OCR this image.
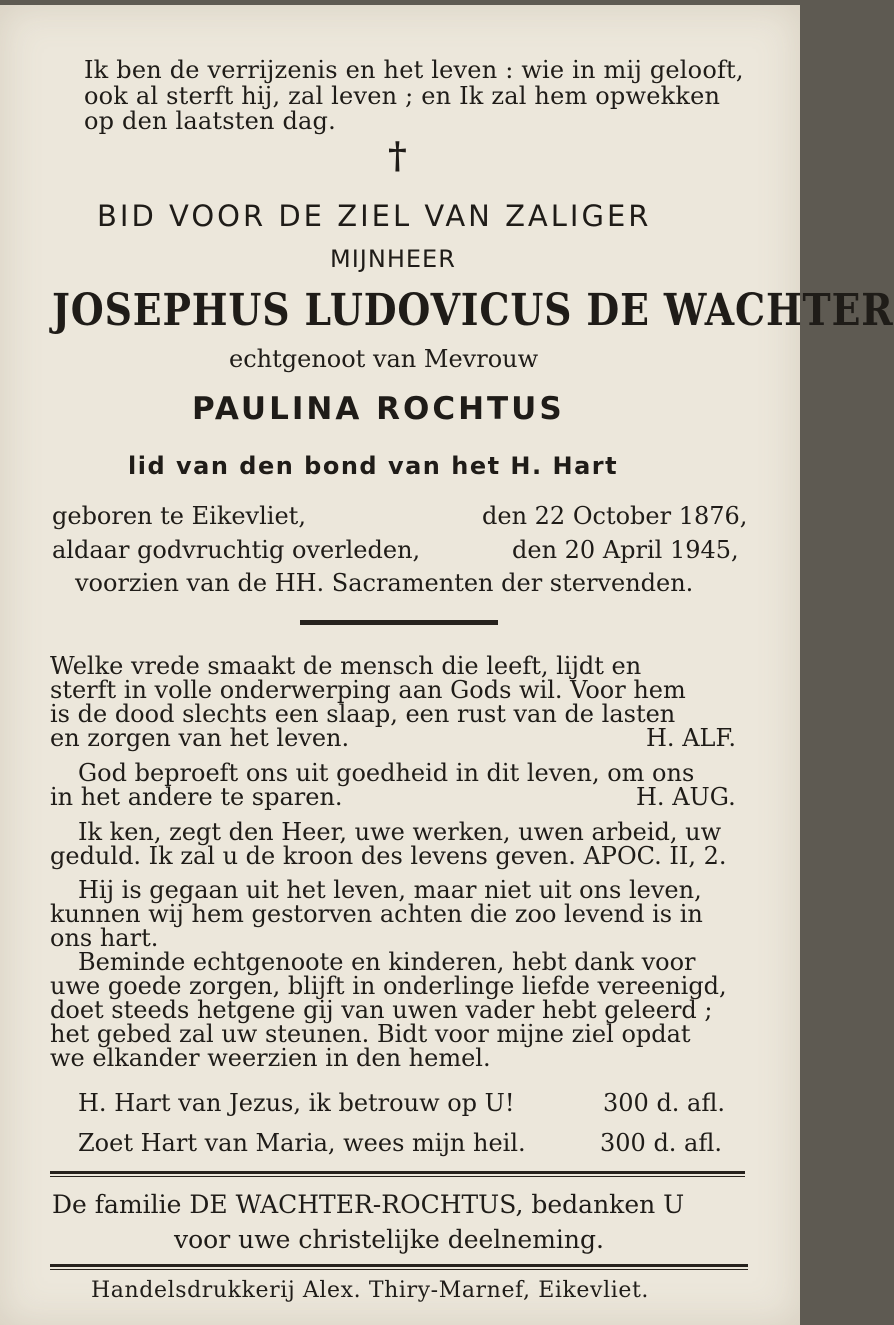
Ik ben de verrijzenis en het leven : wie in mij gelooft,
ook al sterft hij, zal leven ; en Ik zal hem opwekken
op den laatsten dag.
†
BID VOOR DE ZIEL VAN ZALIGER
MIJNHEER
JOSEPHUS LUDOVICUS DE WACHTER
echtgenoot van Mevrouw
PAULINA ROCHTUS
lid van den bond van het H. Hart
geboren te Eikevliet,	den 22 October 1876,
aldaar godvruchtig overleden,	den 20 April 1945,
voorzien van de HH. Sacramenten der stervenden.
Welke vrede smaakt de mensch die leeft, lijdt en
sterft in volle onderwerping aan Gods wil. Voor hem
is de dood slechts een slaap, een rust van de lasten
en zorgen van het leven.	H. ALF.
God beproeft ons uit goedheid in dit leven, om ons
in het andere te sparen.	H. AUG.
Ik ken, zegt den Heer, uwe werken, uwen arbeid, uw
geduld. Ik zal u de kroon des levens geven. APOC. II, 2.
Hij is gegaan uit het leven, maar niet uit ons leven,
kunnen wij hem gestorven achten die zoo levend is in
ons hart.
Beminde echtgenoote en kinderen, hebt dank voor
uwe goede zorgen, blijft in onderlinge liefde vereenigd,
doet steeds hetgene gij van uwen vader hebt geleerd ;
het gebed zal uw steunen. Bidt voor mijne ziel opdat
we elkander weerzien in den hemel.
H. Hart van Jezus, ik betrouw op U!	300 d. afl.
Zoet Hart van Maria, wees mijn heil.	300 d. afl.
De familie DE WACHTER-ROCHTUS, bedanken U
voor uwe christelijke deelneming.
Handelsdrukkerij Alex. Thiry-Marnef, Eikevliet.
